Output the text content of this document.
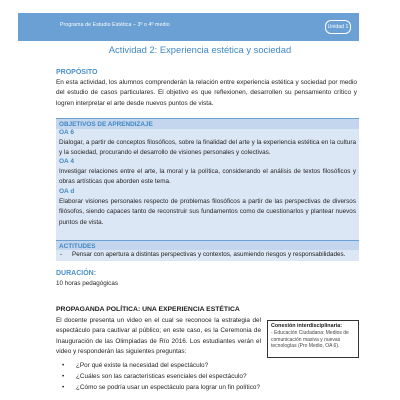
Programa de Estudio Estética – 3º o 4º medio	Unidad 1
Actividad 2: Experiencia estética y sociedad
PROPÓSITO
En esta actividad, los alumnos comprenderán la relación entre experiencia estética y sociedad por medio del estudio de casos particulares. El objetivo es que reflexionen, desarrollen su pensamiento crítico y logren interpretar el arte desde nuevos puntos de vista.
OBJETIVOS DE APRENDIZAJE
OA 6
Dialogar, a partir de conceptos filosóficos, sobre la finalidad del arte y la experiencia estética en la cultura y la sociedad, procurando el desarrollo de visiones personales y colectivas.
OA 4
Investigar relaciones entre el arte, la moral y la política, considerando el análisis de textos filosóficos y obras artísticas que aborden este tema.
OA d
Elaborar visiones personales respecto de problemas filosóficos a partir de las perspectivas de diversos filósofos, siendo capaces tanto de reconstruir sus fundamentos como de cuestionarlos y plantear nuevos puntos de vista.
ACTITUDES
- Pensar con apertura a distintas perspectivas y contextos, asumiendo riesgos y responsabilidades.
DURACIÓN:
10 horas pedagógicas
PROPAGANDA POLÍTICA: UNA EXPERIENCIA ESTÉTICA
El docente presenta un video en el cual se reconoce la estrategia del espectáculo para cautivar al público; en este caso, es la Ceremonia de Inauguración de las Olimpiadas de Río 2016. Los estudiantes verán el video y responderán las siguientes preguntas:
• ¿Por qué existe la necesidad del espectáculo?
• ¿Cuáles son las características esenciales del espectáculo?
• ¿Cómo se podría usar un espectáculo para lograr un fin político?
Conexión interdisciplinaria:
- Educación Ciudadana: Medios de comunicación masiva y nuevas tecnologías (Pro Medio, OA 6).
